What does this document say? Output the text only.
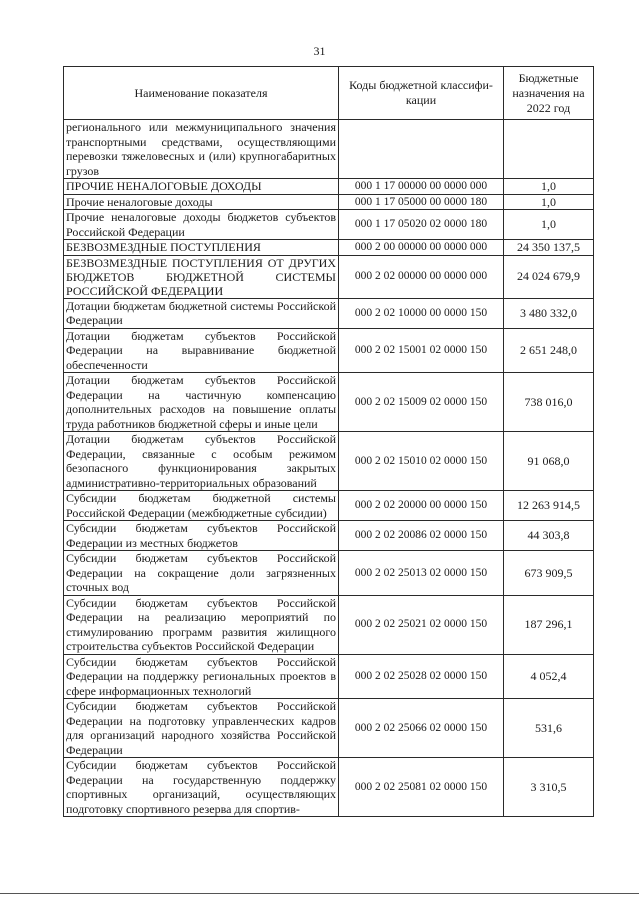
31
Наименование показателя	Коды бюджетной классифи-кации	Бюджетные назначения на 2022 год
регионального или межмуниципального значения транспортными средствами, осуществляющими перевозки тяжеловесных и (или) крупногабаритных грузов		
ПРОЧИЕ НЕНАЛОГОВЫЕ ДОХОДЫ	000 1 17 00000 00 0000 000	1,0
Прочие неналоговые доходы	000 1 17 05000 00 0000 180	1,0
Прочие неналоговые доходы бюджетов субъектов Российской Федерации	000 1 17 05020 02 0000 180	1,0
БЕЗВОЗМЕЗДНЫЕ ПОСТУПЛЕНИЯ	000 2 00 00000 00 0000 000	24 350 137,5
БЕЗВОЗМЕЗДНЫЕ ПОСТУПЛЕНИЯ ОТ ДРУГИХ БЮДЖЕТОВ БЮДЖЕТНОЙ СИСТЕМЫ РОССИЙСКОЙ ФЕДЕРАЦИИ	000 2 02 00000 00 0000 000	24 024 679,9
Дотации бюджетам бюджетной системы Российской Федерации	000 2 02 10000 00 0000 150	3 480 332,0
Дотации бюджетам субъектов Российской Федерации на выравнивание бюджетной обеспеченности	000 2 02 15001 02 0000 150	2 651 248,0
Дотации бюджетам субъектов Российской Федерации на частичную компенсацию дополнительных расходов на повышение оплаты труда работников бюджетной сферы и иные цели	000 2 02 15009 02 0000 150	738 016,0
Дотации бюджетам субъектов Российской Федерации, связанные с особым режимом безопасного функционирования закрытых административно-территориальных образований	000 2 02 15010 02 0000 150	91 068,0
Субсидии бюджетам бюджетной системы Российской Федерации (межбюджетные субсидии)	000 2 02 20000 00 0000 150	12 263 914,5
Субсидии бюджетам субъектов Российской Федерации из местных бюджетов	000 2 02 20086 02 0000 150	44 303,8
Субсидии бюджетам субъектов Российской Федерации на сокращение доли загрязненных сточных вод	000 2 02 25013 02 0000 150	673 909,5
Субсидии бюджетам субъектов Российской Федерации на реализацию мероприятий по стимулированию программ развития жилищного строительства субъектов Российской Федерации	000 2 02 25021 02 0000 150	187 296,1
Субсидии бюджетам субъектов Российской Федерации на поддержку региональных проектов в сфере информационных технологий	000 2 02 25028 02 0000 150	4 052,4
Субсидии бюджетам субъектов Российской Федерации на подготовку управленческих кадров для организаций народного хозяйства Российской Федерации	000 2 02 25066 02 0000 150	531,6
Субсидии бюджетам субъектов Российской Федерации на государственную поддержку спортивных организаций, осуществляющих подготовку спортивного резерва для спортив-	000 2 02 25081 02 0000 150	3 310,5
